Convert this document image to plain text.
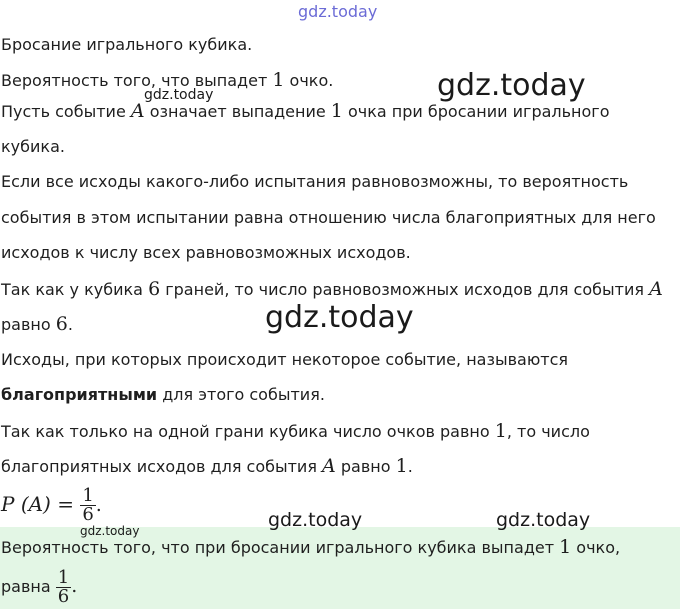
gdz.today
gdz.today
gdz.today
gdz.today
gdz.today	gdz.today
gdz.today
Бросание игрального кубика.
Вероятность того, что выпадет 1 очко.
Пусть событие A означает выпадение 1 очка при бросании игрального
кубика.
Если все исходы какого-либо испытания равновозможны, то вероятность
события в этом испытании равна отношению числа благоприятных для него
исходов к числу всех равновозможных исходов.
Так как у кубика 6 граней, то число равновозможных исходов для события A
равно 6.
Исходы, при которых происходит некоторое событие, называются
благоприятными для этого события.
Так как только на одной грани кубика число очков равно 1, то число
благоприятных исходов для события A равно 1.
P $(A) = \frac{1}{6}$ .
Вероятность того, что при бросании игрального кубика выпадет 1 очко,
равна $\frac{1}{6}$ .
